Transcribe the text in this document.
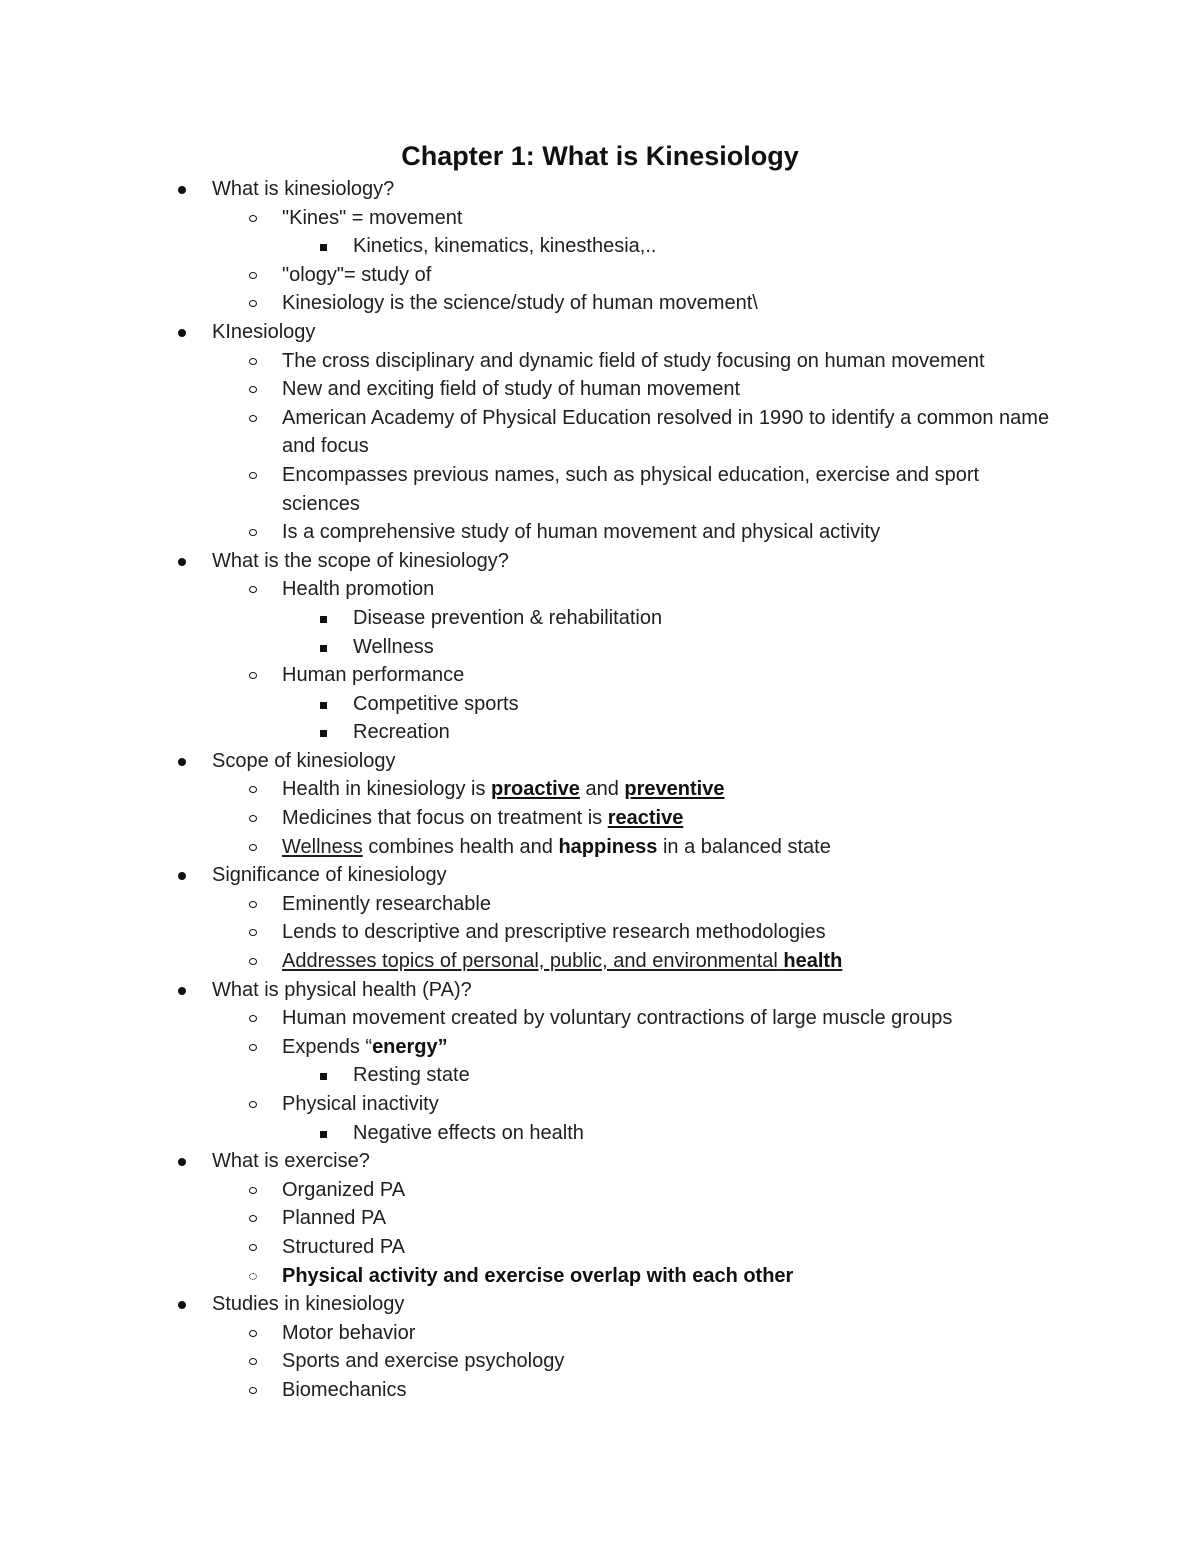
Chapter 1: What is Kinesiology
What is kinesiology?
"Kines" = movement
Kinetics, kinematics, kinesthesia,..
"ology"= study of
Kinesiology is the science/study of human movement\
KInesiology
The cross disciplinary and dynamic field of study focusing on human movement
New and exciting field of study of human movement
American Academy of Physical Education resolved in 1990 to identify a common name and focus
Encompasses previous names, such as physical education, exercise and sport sciences
Is a comprehensive study of human movement and physical activity
What is the scope of kinesiology?
Health promotion
Disease prevention & rehabilitation
Wellness
Human performance
Competitive sports
Recreation
Scope of kinesiology
Health in kinesiology is proactive and preventive
Medicines that focus on treatment is reactive
Wellness combines health and happiness in a balanced state
Significance of kinesiology
Eminently researchable
Lends to descriptive and prescriptive research methodologies
Addresses topics of personal, public, and environmental health
What is physical health (PA)?
Human movement created by voluntary contractions of large muscle groups
Expends “energy”
Resting state
Physical inactivity
Negative effects on health
What is exercise?
Organized PA
Planned PA
Structured PA
Physical activity and exercise overlap with each other
Studies in kinesiology
Motor behavior
Sports and exercise psychology
Biomechanics
